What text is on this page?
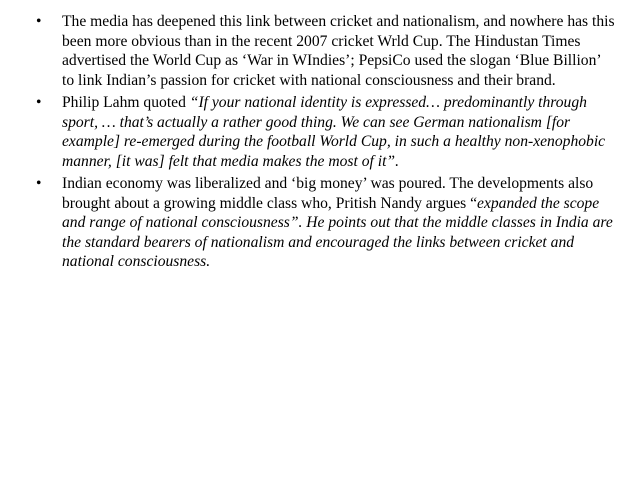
• The media has deepened this link between cricket and nationalism, and nowhere has this been more obvious than in the recent 2007 cricket Wrld Cup. The Hindustan Times advertised the World Cup as ‘War in WIndies’; PepsiCo used the slogan ‘Blue Billion’ to link Indian’s passion for cricket with national consciousness and their brand.
• Philip Lahm quoted “If your national identity is expressed… predominantly through sport, … that’s actually a rather good thing. We can see German nationalism [for example] re-emerged during the football World Cup, in such a healthy non-xenophobic manner, [it was] felt that media makes the most of it”.
• Indian economy was liberalized and ‘big money’ was poured. The developments also brought about a growing middle class who, Pritish Nandy argues “expanded the scope and range of national consciousness”. He points out that the middle classes in India are the standard bearers of nationalism and encouraged the links between cricket and national consciousness.
